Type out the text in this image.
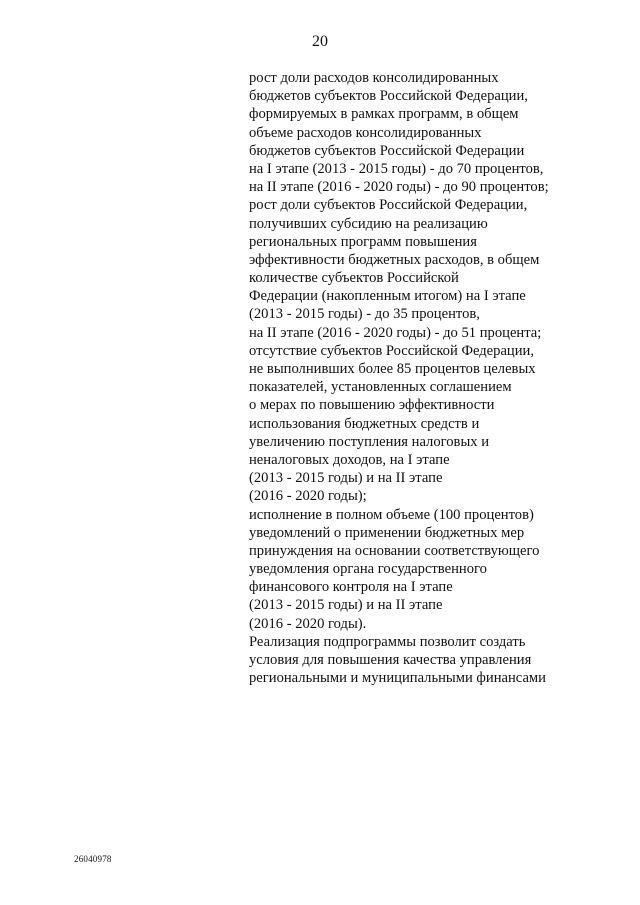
20
рост доли расходов консолидированных
бюджетов субъектов Российской Федерации,
формируемых в рамках программ, в общем
объеме расходов консолидированных
бюджетов субъектов Российской Федерации
на I этапе (2013 - 2015 годы) - до 70 процентов,
на II этапе (2016 - 2020 годы) - до 90 процентов;
рост доли субъектов Российской Федерации,
получивших субсидию на реализацию
региональных программ повышения
эффективности бюджетных расходов, в общем
количестве субъектов Российской
Федерации (накопленным итогом) на I этапе
(2013 - 2015 годы) - до 35 процентов,
на II этапе (2016 - 2020 годы) - до 51 процента;
отсутствие субъектов Российской Федерации,
не выполнивших более 85 процентов целевых
показателей, установленных соглашением
о мерах по повышению эффективности
использования бюджетных средств и
увеличению поступления налоговых и
неналоговых доходов, на I этапе
(2013 - 2015 годы) и на II этапе
(2016 - 2020 годы);
исполнение в полном объеме (100 процентов)
уведомлений о применении бюджетных мер
принуждения на основании соответствующего
уведомления органа государственного
финансового контроля на I этапе
(2013 - 2015 годы) и на II этапе
(2016 - 2020 годы).
Реализация подпрограммы позволит создать
условия для повышения качества управления
региональными и муниципальными финансами
26040978
